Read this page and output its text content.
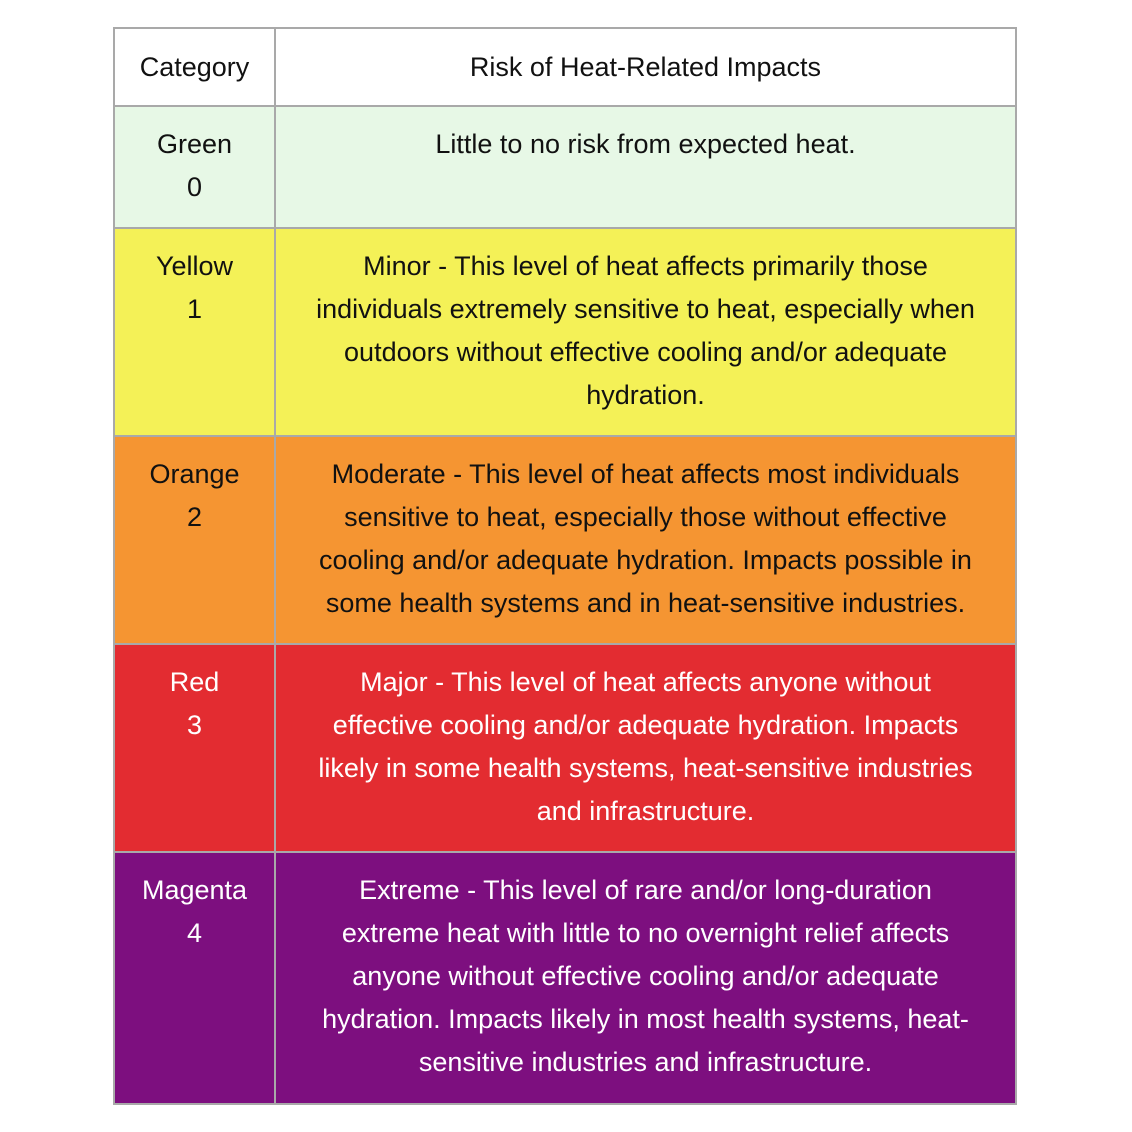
Category	Risk of Heat-Related Impacts

Green
0	Little to no risk from expected heat.

Yellow
1	Minor - This level of heat affects primarily those
individuals extremely sensitive to heat, especially when
outdoors without effective cooling and/or adequate
hydration.

Orange
2	Moderate - This level of heat affects most individuals
sensitive to heat, especially those without effective
cooling and/or adequate hydration. Impacts possible in
some health systems and in heat-sensitive industries.

Red
3	Major - This level of heat affects anyone without
effective cooling and/or adequate hydration. Impacts
likely in some health systems, heat-sensitive industries
and infrastructure.

Magenta
4	Extreme - This level of rare and/or long-duration
extreme heat with little to no overnight relief affects
anyone without effective cooling and/or adequate
hydration. Impacts likely in most health systems, heat-
sensitive industries and infrastructure.
